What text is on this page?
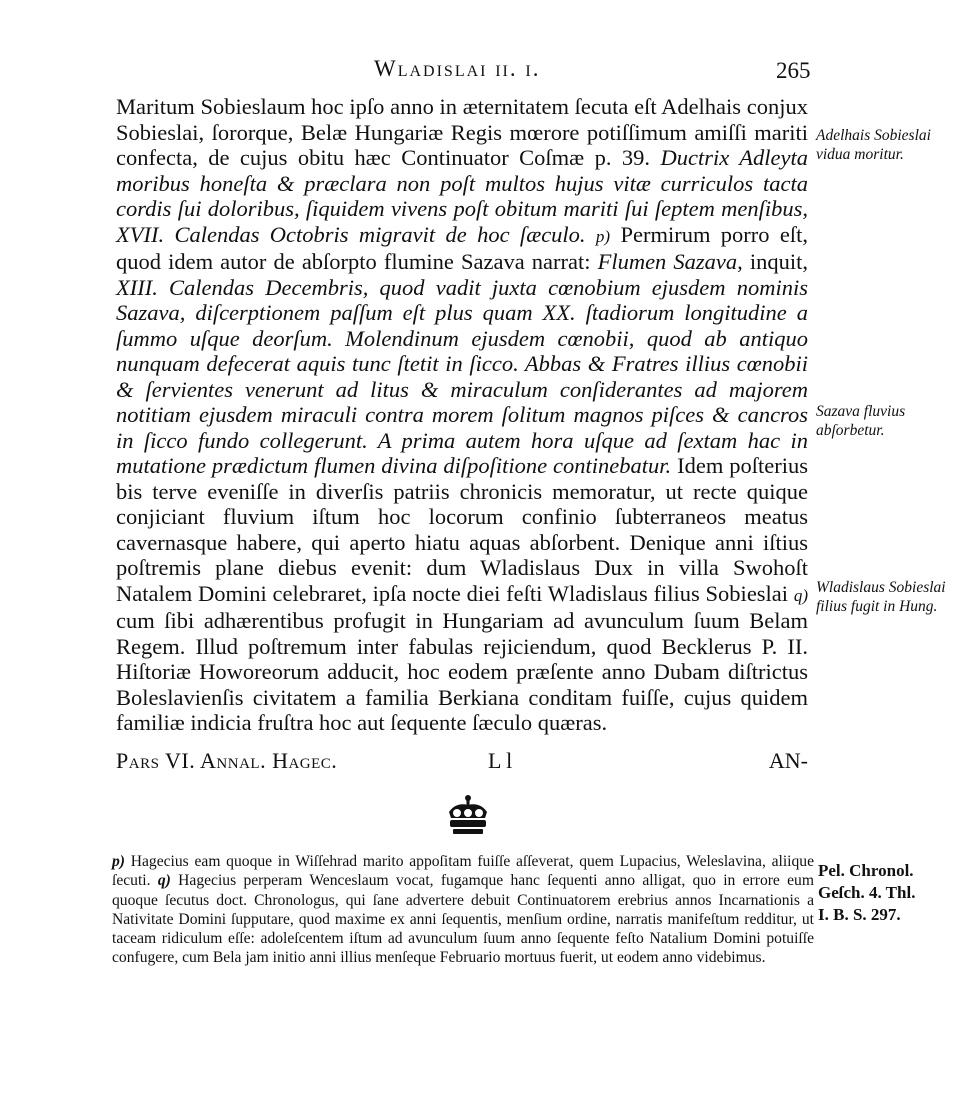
Wladislai ii. i.	265

Maritum Sobieslaum hoc ipſo anno in æternitatem ſecuta eſt Adelhais conjux Sobieslai, ſororque, Belæ Hungariæ Regis mœrore potiſſimum amiſſi mariti confecta, de cujus obitu hæc Continuator Coſmæ p. 39. Ductrix Adleyta moribus honeſta & præclara non poſt multos hujus vitæ curriculos tacta cordis ſui doloribus, ſiquidem vivens poſt obitum mariti ſui ſeptem menſibus, XVII. Calendas Octobris migravit de hoc ſæculo. p) Permirum porro eſt, quod idem autor de abſorpto flumine Sazava narrat: Flumen Sazava, inquit, XIII. Calendas Decembris, quod vadit juxta cœnobium ejusdem nominis Sazava, diſcerptionem paſſum eſt plus quam XX. ſtadiorum longitudine a ſummo uſque deorſum. Molendinum ejusdem cœnobii, quod ab antiquo nunquam defecerat aquis tunc ſtetit in ſicco. Abbas & Fratres illius cœnobii & ſervientes venerunt ad litus & miraculum conſiderantes ad majorem notitiam ejusdem miraculi contra morem ſolitum magnos piſces & cancros in ſicco fundo collegerunt. A prima autem hora uſque ad ſextam hac in mutatione prædictum flumen divina diſpoſitione continebatur. Idem poſterius bis terve eveniſſe in diverſis patriis chronicis memoratur, ut recte quique conjiciant fluvium iſtum hoc locorum confinio ſubterraneos meatus cavernasque habere, qui aperto hiatu aquas abſorbent. Denique anni iſtius poſtremis plane diebus evenit: dum Wladislaus Dux in villa Swohoſt Natalem Domini celebraret, ipſa nocte diei feſti Wladislaus filius Sobieslai q) cum ſibi adhærentibus profugit in Hungariam ad avunculum ſuum Belam Regem. Illud poſtremum inter fabulas rejiciendum, quod Becklerus P. II. Hiſtoriæ Howoreorum adducit, hoc eodem præſente anno Dubam diſtrictus Boleslavienſis civitatem a familia Berkiana conditam fuiſſe, cujus quidem familiæ indicia fruſtra hoc aut ſequente ſæculo quæras.

Pars VI. Annal. Hagec.	L l	AN-
Adelhais Sobieslai vidua moritur.
Sazava fluvius abſorbetur.
Wladislaus Sobieslai filius fugit in Hung.

p) Hagecius eam quoque in Wiſſehrad marito appoſitam fuiſſe aſſeverat, quem Lupacius, Weleslavina, aliique ſecuti. q) Hagecius perperam Wenceslaum vocat, fugamque hanc ſequenti anno alligat, quo in errore eum quoque ſecutus doct. Chronologus, qui ſane advertere debuit Continuatorem erebrius annos Incarnationis a Nativitate Domini ſupputare, quod maxime ex anni ſequentis, menſium ordine, narratis manifeſtum redditur, ut taceam ridiculum eſſe: adoleſcentem iſtum ad avunculum ſuum anno ſequente feſto Natalium Domini potuiſſe confugere, cum Bela jam initio anni illius menſeque Februario mortuus fuerit, ut eodem anno videbimus.

Pel. Chronol.
Geſch. 4. Thl.
I. B. S. 297.
